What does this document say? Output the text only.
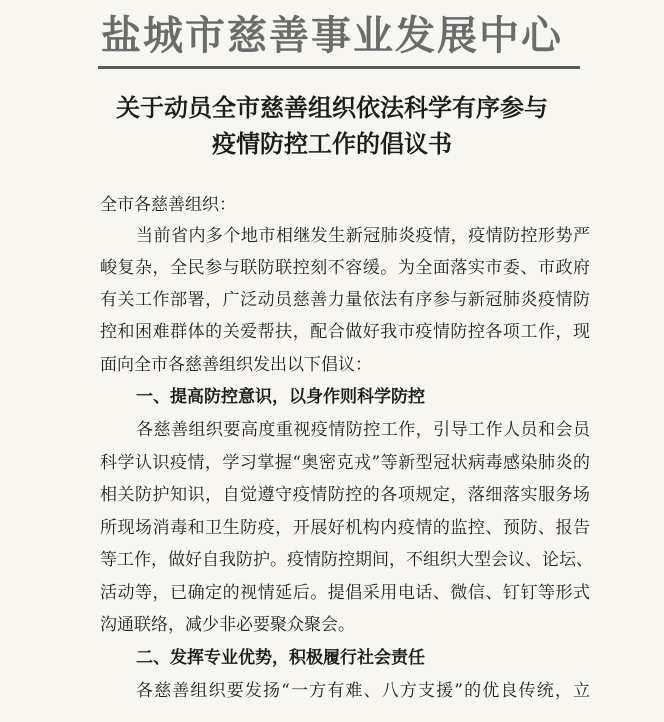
盐城市慈善事业发展中心
关于动员全市慈善组织依法科学有序参与
疫情防控工作的倡议书
全市各慈善组织：
当前省内多个地市相继发生新冠肺炎疫情，疫情防控形势严
峻复杂，全民参与联防联控刻不容缓。为全面落实市委、市政府
有关工作部署，广泛动员慈善力量依法有序参与新冠肺炎疫情防
控和困难群体的关爱帮扶，配合做好我市疫情防控各项工作，现
面向全市各慈善组织发出以下倡议：
一、提高防控意识，以身作则科学防控
各慈善组织要高度重视疫情防控工作，引导工作人员和会员
科学认识疫情，学习掌握“奥密克戎”等新型冠状病毒感染肺炎的
相关防护知识，自觉遵守疫情防控的各项规定，落细落实服务场
所现场消毒和卫生防疫，开展好机构内疫情的监控、预防、报告
等工作，做好自我防护。疫情防控期间，不组织大型会议、论坛、
活动等，已确定的视情延后。提倡采用电话、微信、钉钉等形式
沟通联络，减少非必要聚众聚会。
二、发挥专业优势，积极履行社会责任
各慈善组织要发扬“一方有难、八方支援”的优良传统，立
